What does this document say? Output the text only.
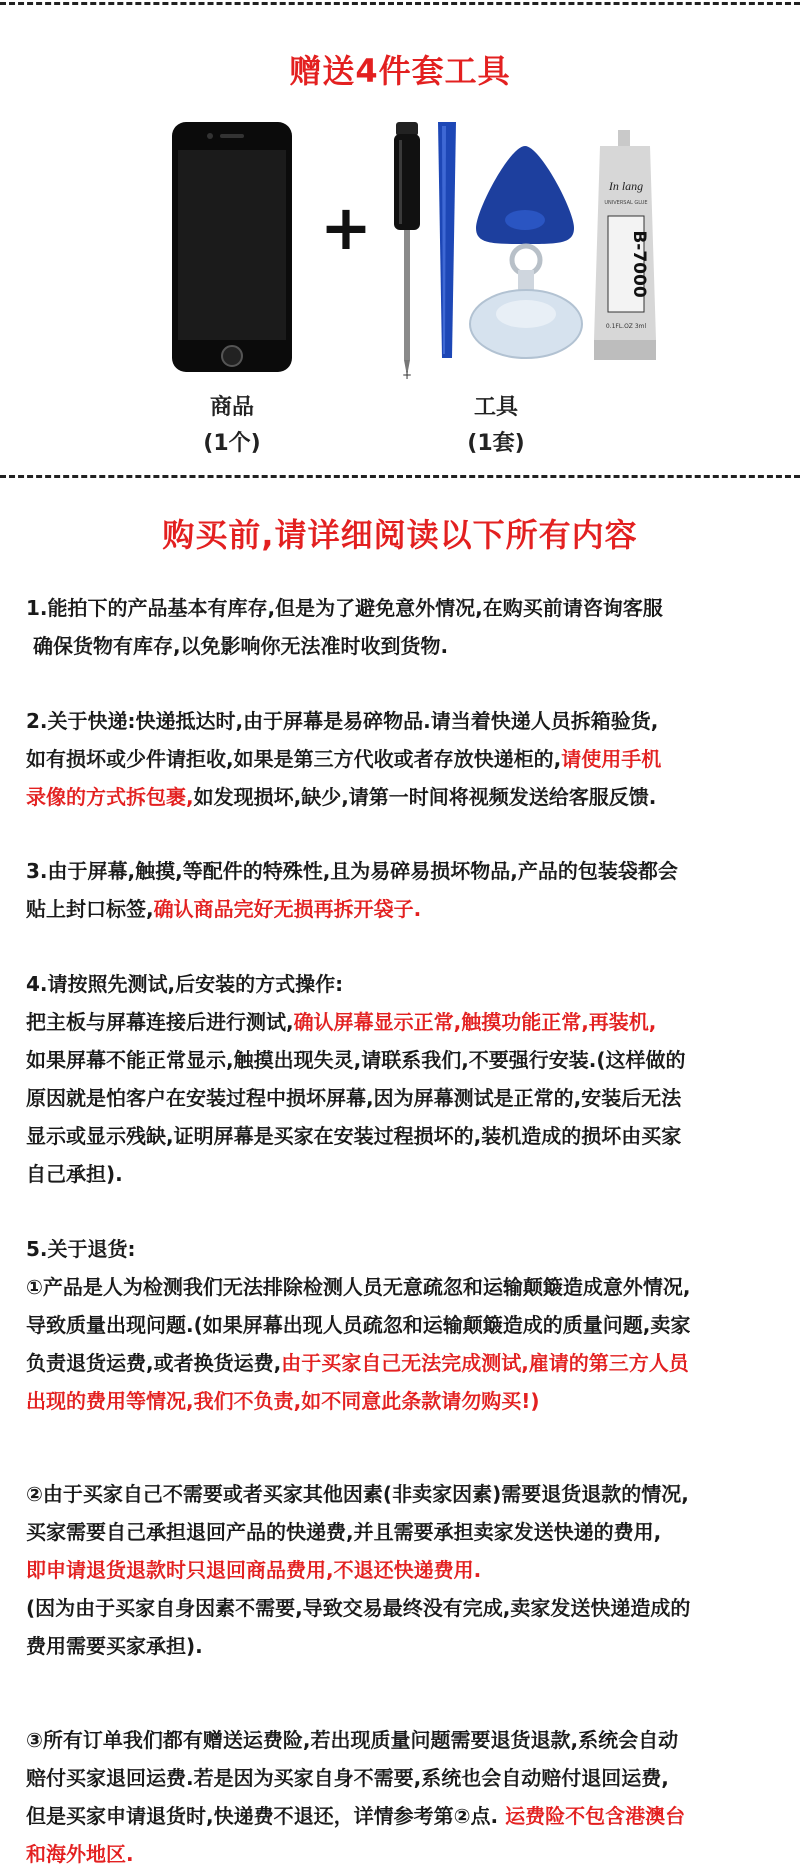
赠送4件套工具
+
+
In lang
UNIVERSAL GLUE
B-7000
0.1FL.OZ 3ml
商品
(1个)
工具
(1套)
购买前,请详细阅读以下所有内容
1.能拍下的产品基本有库存,但是为了避免意外情况,在购买前请咨询客服
确保货物有库存,以免影响你无法准时收到货物.
2.关于快递:快递抵达时,由于屏幕是易碎物品.请当着快递人员拆箱验货,
如有损坏或少件请拒收,如果是第三方代收或者存放快递柜的,请使用手机
录像的方式拆包裹,如发现损坏,缺少,请第一时间将视频发送给客服反馈.
3.由于屏幕,触摸,等配件的特殊性,且为易碎易损坏物品,产品的包装袋都会
贴上封口标签,确认商品完好无损再拆开袋子.
4.请按照先测试,后安装的方式操作:
把主板与屏幕连接后进行测试,确认屏幕显示正常,触摸功能正常,再装机,
如果屏幕不能正常显示,触摸出现失灵,请联系我们,不要强行安装.(这样做的
原因就是怕客户在安装过程中损坏屏幕,因为屏幕测试是正常的,安装后无法
显示或显示残缺,证明屏幕是买家在安装过程损坏的,装机造成的损坏由买家
自己承担).
5.关于退货:
①产品是人为检测我们无法排除检测人员无意疏忽和运输颠簸造成意外情况,
导致质量出现问题.(如果屏幕出现人员疏忽和运输颠簸造成的质量问题,卖家
负责退货运费,或者换货运费,由于买家自己无法完成测试,雇请的第三方人员
出现的费用等情况,我们不负责,如不同意此条款请勿购买!)
②由于买家自己不需要或者买家其他因素(非卖家因素)需要退货退款的情况,
买家需要自己承担退回产品的快递费,并且需要承担卖家发送快递的费用,
即申请退货退款时只退回商品费用,不退还快递费用.
(因为由于买家自身因素不需要,导致交易最终没有完成,卖家发送快递造成的
费用需要买家承担).
③所有订单我们都有赠送运费险,若出现质量问题需要退货退款,系统会自动
赔付买家退回运费.若是因为买家自身不需要,系统也会自动赔付退回运费,
但是买家申请退货时,快递费不退还，详情参考第②点. 运费险不包含港澳台
和海外地区.
